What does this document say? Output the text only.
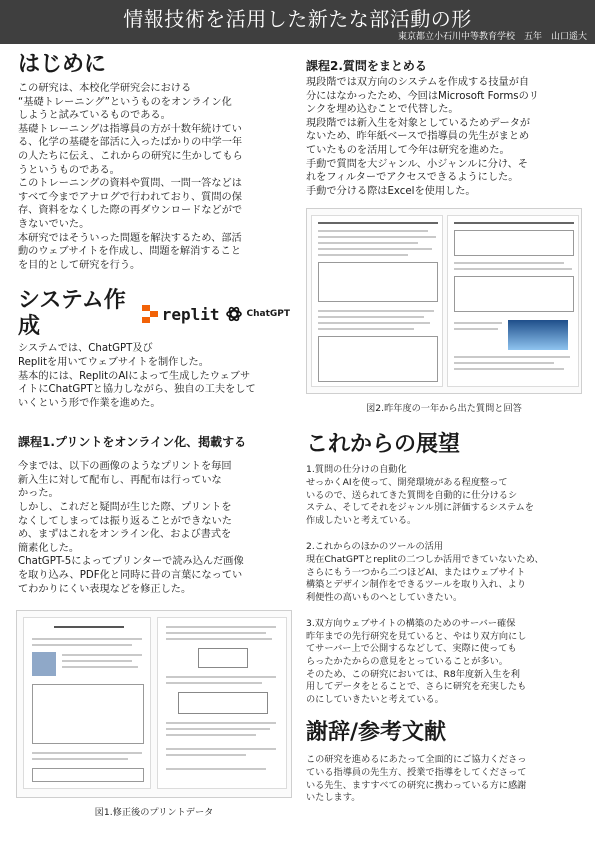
情報技術を活用した新たな部活動の形
東京都立小石川中等教育学校　五年　山口遥大
はじめに
この研究は、本校化学研究会における
“基礎トレーニング”というものをオンライン化
しようと試みているものである。
基礎トレーニングは指導員の方が十数年続けてい
る、化学の基礎を部活に入ったばかりの中学一年
の人たちに伝え、これからの研究に生かしてもら
うというものである。
このトレーニングの資料や質問、一問一答などは
すべて今までアナログで行われており、質問の保
存、資料をなくした際の再ダウンロードなどがで
きないでいた。
本研究ではそういった問題を解決するため、部活
動のウェブサイトを作成し、問題を解消すること
を目的として研究を行う。
システム作成	replit	ChatGPT
システムでは、ChatGPT及び
Replitを用いてウェブサイトを制作した。
基本的には、ReplitのAIによって生成したウェブサ
イトにChatGPTと協力しながら、独自の工夫をして
いくという形で作業を進めた。
課程1.プリントをオンライン化、掲載する
今までは、以下の画像のようなプリントを毎回
新入生に対して配布し、再配布は行っていな
かった。
しかし、これだと疑問が生じた際、プリントを
なくしてしまっては振り返ることができないた
め、まずはこれをオンライン化、および書式を
簡素化した。
ChatGPT-5によってプリンターで読み込んだ画像
を取り込み、PDF化と同時に昔の言葉になってい
てわかりにくい表現などを修正した。
図1.修正後のプリントデータ
課程2.質問をまとめる
現段階では双方向のシステムを作成する技量が自
分にはなかったため、今回はMicrosoft Formsのリ
ンクを埋め込むことで代替した。
現段階では新入生を対象としているためデータが
ないため、昨年紙ベースで指導員の先生がまとめ
ていたものを活用して今年は研究を進めた。
手動で質問を大ジャンル、小ジャンルに分け、そ
れをフィルターでアクセスできるようにした。
手動で分ける際はExcelを使用した。
図2.昨年度の一年から出た質問と回答
これからの展望
1.質問の仕分けの自動化
せっかくAIを使って、開発環境がある程度整って
いるので、送られてきた質問を自動的に仕分けるシ
ステム、そしてそれをジャンル別に評価するシステムを
作成したいと考えている。
2.これからのほかのツールの活用
現在ChatGPTとreplitの二つしか活用できていないため、
さらにもう一つから二つほどAI、またはウェブサイト
構築とデザイン制作をできるツールを取り入れ、より
利便性の高いものへとしていきたい。
3.双方向ウェブサイトの構築のためのサーバー確保
昨年までの先行研究を見ていると、やはり双方向にし
てサーバー上で公開するなどして、実際に使っても
らったかたからの意見をとっていることが多い。
そのため、この研究においては、R8年度新入生を利
用してデータをとることで、さらに研究を充実したも
のにしていきたいと考えている。
謝辞/参考文献
この研究を進めるにあたって全面的にご協力くださっ
ている指導員の先生方、授業で指導をしてくださって
いる先生、ますすべての研究に携わっている方に感謝
いたします。
